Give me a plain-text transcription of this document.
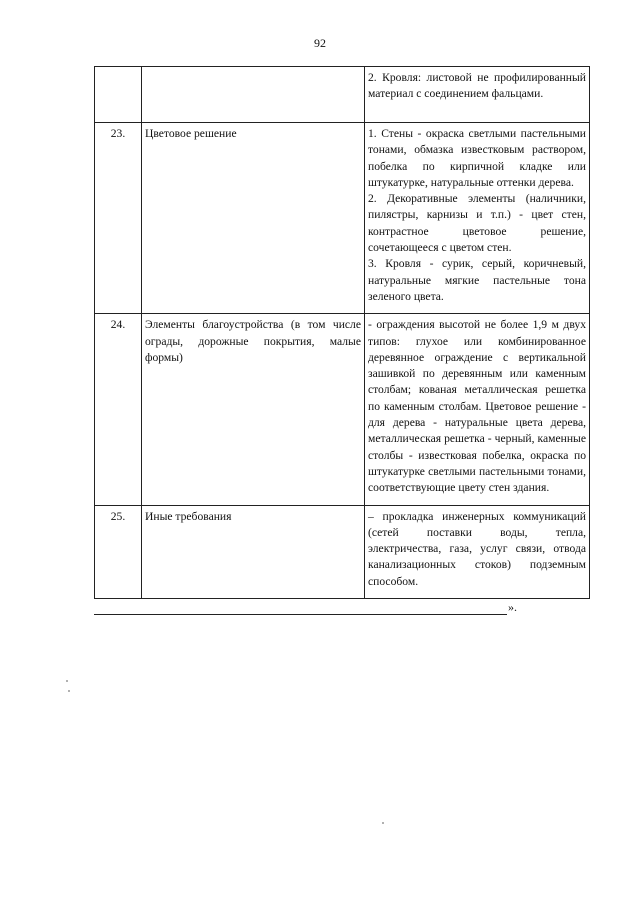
92

		2. Кровля: листовой не профилированный материал с соединением фальцами.

23.	Цветовое решение	1. Стены - окраска светлыми пастельными тонами, обмазка известковым раствором, побелка по кирпичной кладке или штукатурке, натуральные оттенки дерева.

2. Декоративные элементы (наличники, пилястры, карнизы и т.п.) - цвет стен, контрастное цветовое решение, сочетающееся с цветом стен.

3. Кровля - сурик, серый, коричневый, натуральные мягкие пастельные тона зеленого цвета.

24.	Элементы благоустройства (в том числе ограды, дорожные покрытия, малые формы)	- ограждения высотой не более 1,9 м двух типов: глухое или комбинированное деревянное ограждение с вертикальной зашивкой по деревянным или каменным столбам; кованая металлическая решетка по каменным столбам. Цветовое решение - для дерева - натуральные цвета дерева, металлическая решетка - черный, каменные столбы - известковая побелка, окраска по штукатурке светлыми пастельными тонами, соответствующие цвету стен здания.

25.	Иные требования	– прокладка инженерных коммуникаций (сетей поставки воды, тепла, электричества, газа, услуг связи, отвода канализационных стоков) подземным способом.

».
